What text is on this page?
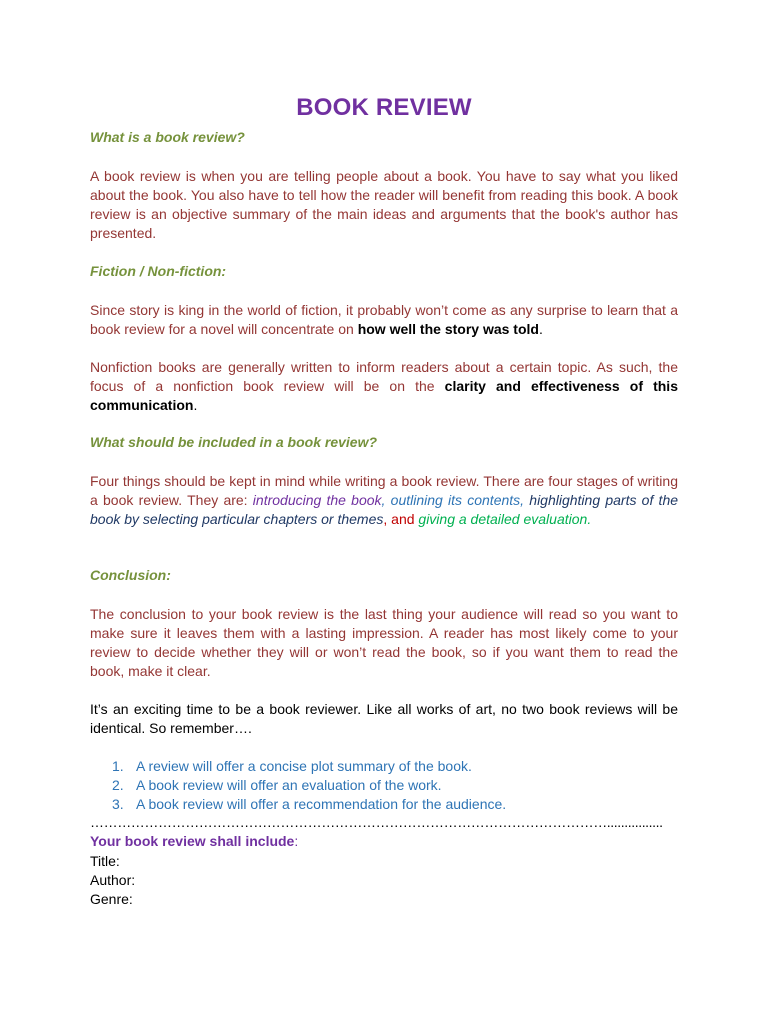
BOOK REVIEW
What is a book review?

A book review is when you are telling people about a book. You have to say what you liked about the book. You also have to tell how the reader will benefit from reading this book. A book review is an objective summary of the main ideas and arguments that the book's author has presented.

Fiction / Non-fiction:

Since story is king in the world of fiction, it probably won’t come as any surprise to learn that a book review for a novel will concentrate on how well the story was told.

Nonfiction books are generally written to inform readers about a certain topic. As such, the focus of a nonfiction book review will be on the clarity and effectiveness of this communication.

What should be included in a book review?

Four things should be kept in mind while writing a book review. There are four stages of writing a book review. They are: introducing the book, outlining its contents, highlighting parts of the book by selecting particular chapters or themes, and giving a detailed evaluation.

Conclusion:

The conclusion to your book review is the last thing your audience will read so you want to make sure it leaves them with a lasting impression. A reader has most likely come to your review to decide whether they will or won’t read the book, so if you want them to read the book, make it clear.

It’s an exciting time to be a book reviewer. Like all works of art, no two book reviews will be identical. So remember….

1. A review will offer a concise plot summary of the book.
2. A book review will offer an evaluation of the work.
3. A book review will offer a recommendation for the audience.
……………………………………………………………………………………………………................
Your book review shall include:
Title:
Author:
Genre:
